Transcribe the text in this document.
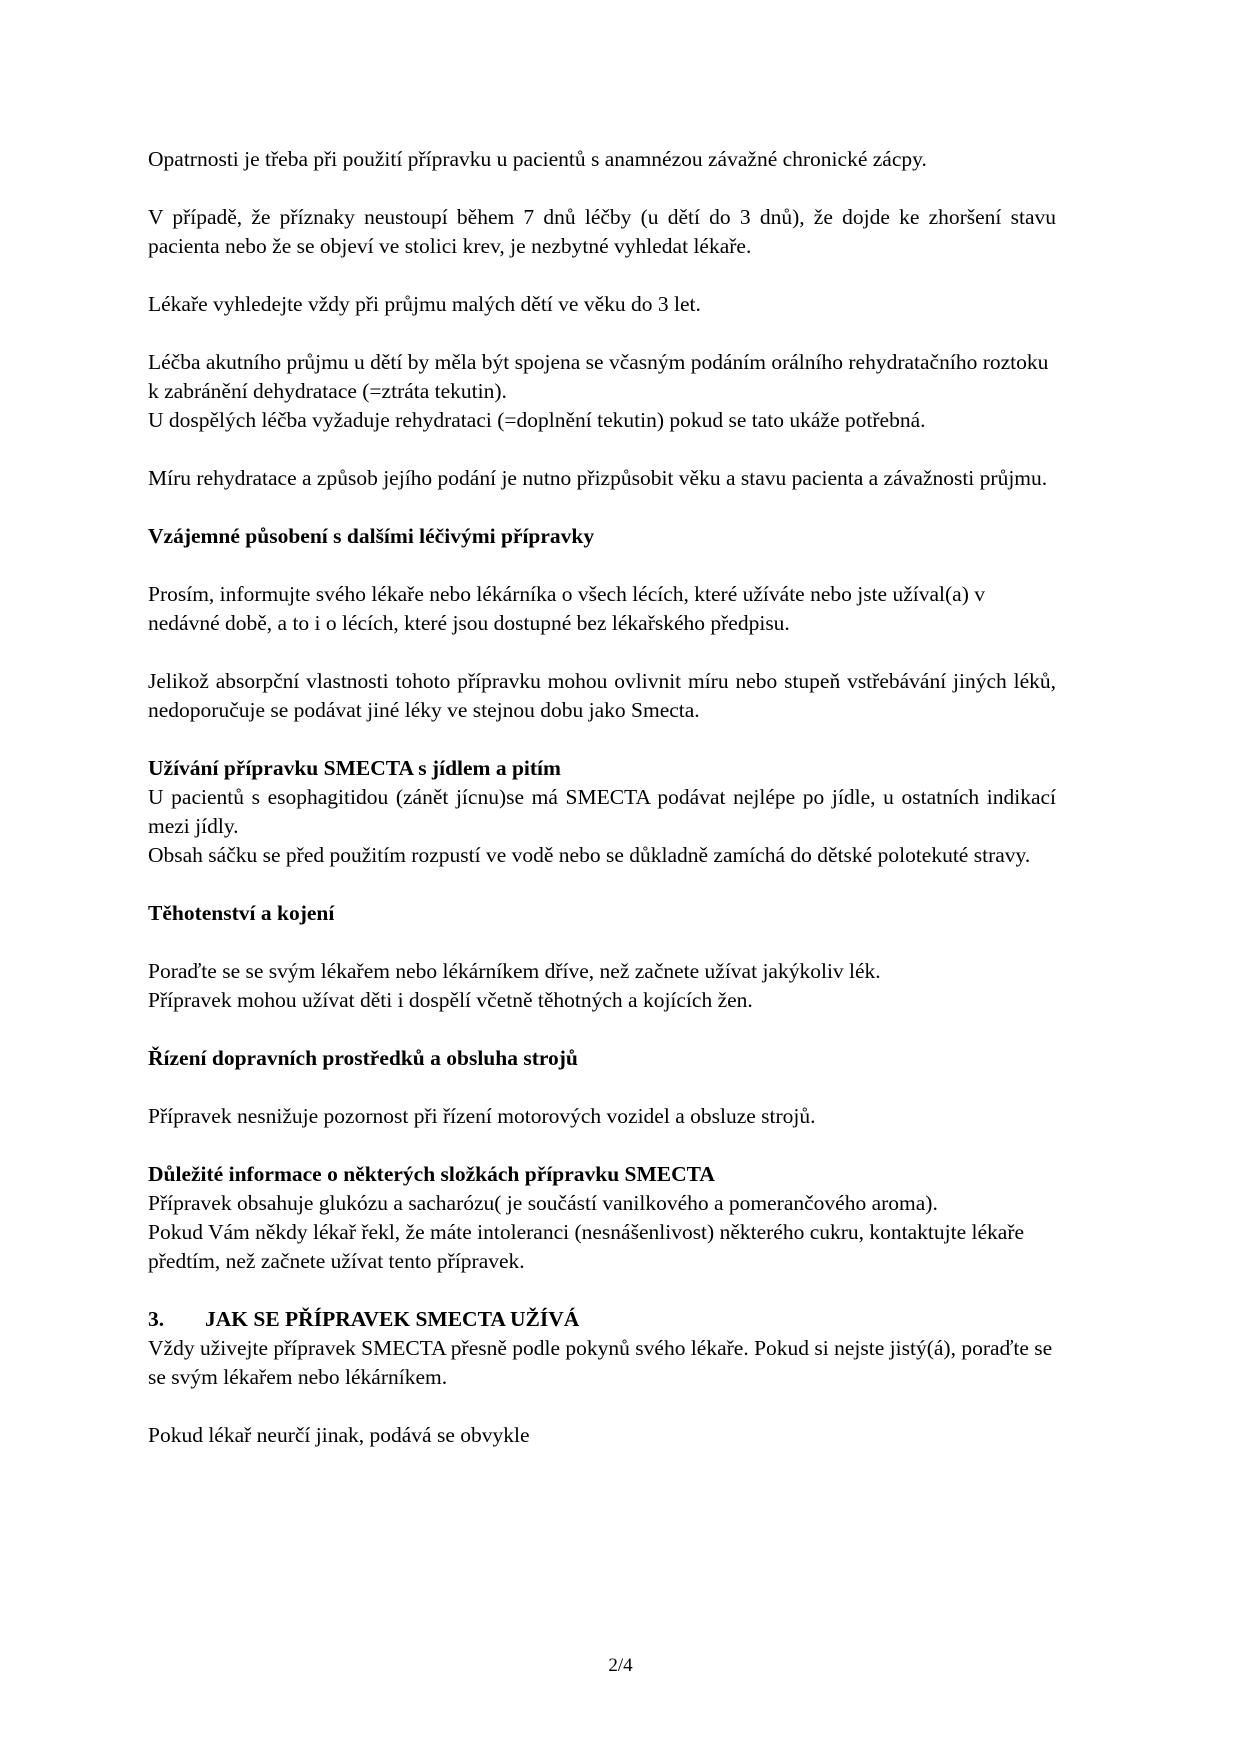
Opatrnosti je třeba při použití přípravku u pacientů s anamnézou závažné chronické zácpy.

V případě, že příznaky neustoupí během 7 dnů léčby (u dětí do 3 dnů), že dojde ke zhoršení stavu pacienta nebo že se objeví ve stolici krev, je nezbytné vyhledat lékaře.

Lékaře vyhledejte vždy při průjmu malých dětí ve věku do 3 let.

Léčba akutního průjmu u dětí by měla být spojena se včasným podáním orálního rehydratačního roztoku k zabránění dehydratace (=ztráta tekutin).

U dospělých léčba vyžaduje rehydrataci (=doplnění tekutin) pokud se tato ukáže potřebná.

Míru rehydratace a způsob jejího podání je nutno přizpůsobit věku a stavu pacienta a závažnosti průjmu.

Vzájemné působení s dalšími léčivými přípravky

Prosím, informujte svého lékaře nebo lékárníka o všech lécích, které užíváte nebo jste užíval(a) v nedávné době, a to i o lécích, které jsou dostupné bez lékařského předpisu.

Jelikož absorpční vlastnosti tohoto přípravku mohou ovlivnit míru nebo stupeň vstřebávání jiných léků, nedoporučuje se podávat jiné léky ve stejnou dobu jako Smecta.

Užívání přípravku SMECTA s jídlem a pitím

U pacientů s esophagitidou (zánět jícnu)se má SMECTA podávat nejlépe po jídle, u ostatních indikací mezi jídly.

Obsah sáčku se před použitím rozpustí ve vodě nebo se důkladně zamíchá do dětské polotekuté stravy.

Těhotenství a kojení

Poraďte se se svým lékařem nebo lékárníkem dříve, než začnete užívat jakýkoliv lék.

Přípravek mohou užívat děti i dospělí včetně těhotných a kojících žen.

Řízení dopravních prostředků a obsluha strojů

Přípravek nesnižuje pozornost při řízení motorových vozidel a obsluze strojů.

Důležité informace o některých složkách přípravku SMECTA

Přípravek obsahuje glukózu a sacharózu( je součástí vanilkového a pomerančového aroma).

Pokud Vám někdy lékař řekl, že máte intoleranci (nesnášenlivost) některého cukru, kontaktujte lékaře předtím, než začnete užívat tento přípravek.

3.	JAK SE PŘÍPRAVEK SMECTA UŽÍVÁ

Vždy uživejte přípravek SMECTA přesně podle pokynů svého lékaře. Pokud si nejste jistý(á), poraďte se se svým lékařem nebo lékárníkem.

Pokud lékař neurčí jinak, podává se obvykle

2/4
